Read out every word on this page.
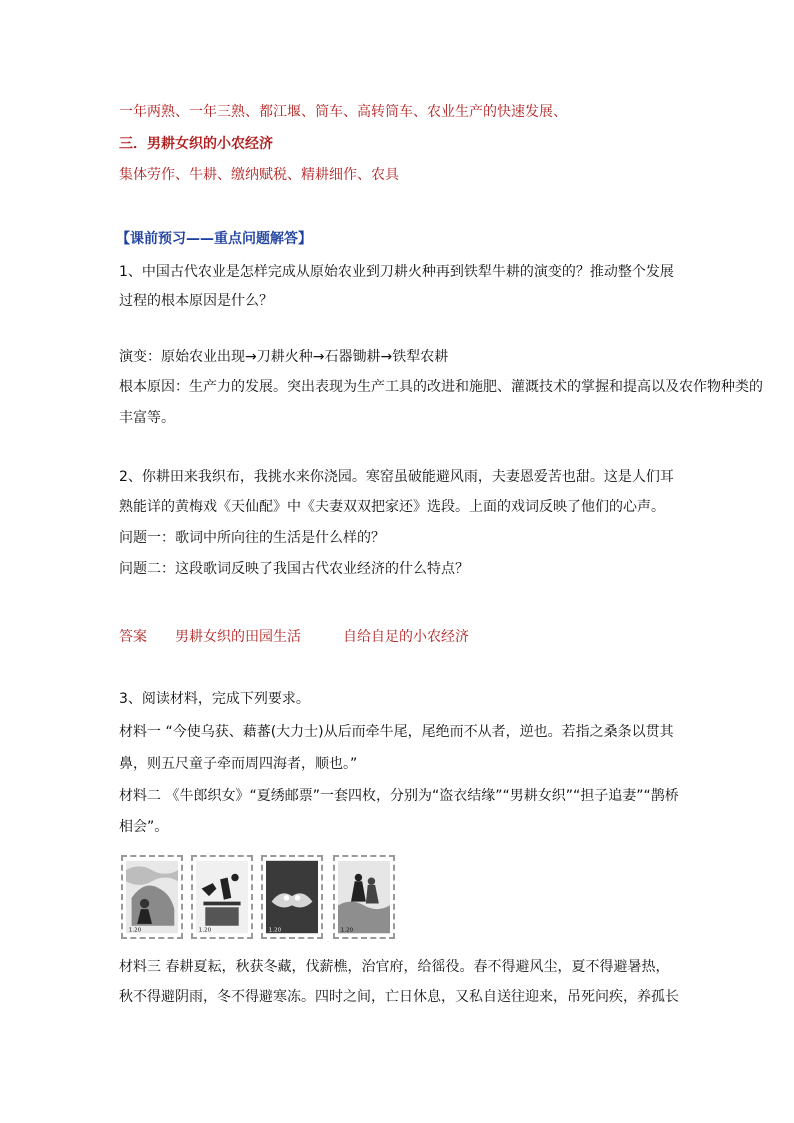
一年两熟、一年三熟、都江堰、筒车、高转筒车、农业生产的快速发展、
三．男耕女织的小农经济
集体劳作、牛耕、缴纳赋税、精耕细作、农具
【课前预习——重点问题解答】
1、中国古代农业是怎样完成从原始农业到刀耕火种再到铁犁牛耕的演变的？推动整个发展
过程的根本原因是什么？
演变：原始农业出现→刀耕火种→石器锄耕→铁犁农耕
根本原因：生产力的发展。突出表现为生产工具的改进和施肥、灌溉技术的掌握和提高以及农作物种类的
丰富等。
2、你耕田来我织布，我挑水来你浇园。寒窑虽破能避风雨，夫妻恩爱苦也甜。这是人们耳
熟能详的黄梅戏《天仙配》中《夫妻双双把家还》选段。上面的戏词反映了他们的心声。
问题一：歌词中所向往的生活是什么样的？
问题二：这段歌词反映了我国古代农业经济的什么特点？
答案 男耕女织的田园生活	自给自足的小农经济
3、阅读材料，完成下列要求。
材料一 “今使乌获、藉蕃(大力士)从后而牵牛尾，尾绝而不从者，逆也。若指之桑条以贯其
鼻，则五尺童子牵而周四海者，顺也。”
材料二 《牛郎织女》“夏绣邮票”一套四枚，分别为“盗衣结缘”“男耕女织”“担子追妻”“鹊桥
相会”。
1.20	1.20	1.20	1.20
材料三 春耕夏耘，秋获冬藏，伐薪樵，治官府，给徭役。春不得避风尘，夏不得避暑热，
秋不得避阴雨，冬不得避寒冻。四时之间，亡日休息，又私自送往迎来，吊死问疾，养孤长
